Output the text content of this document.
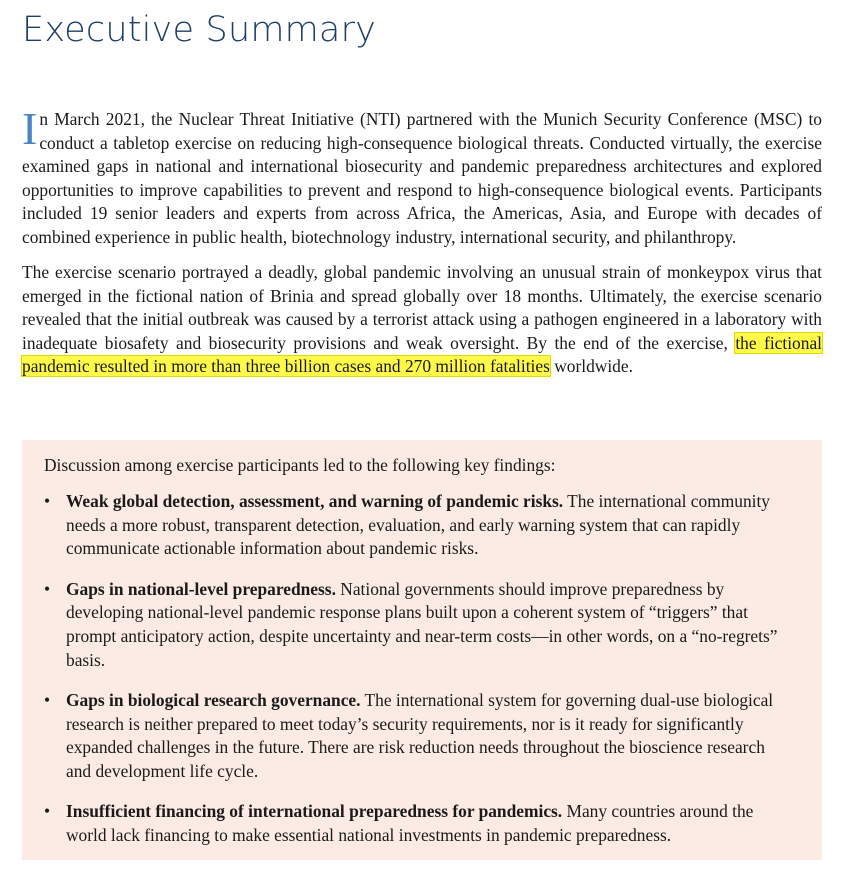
Executive Summary

In March 2021, the Nuclear Threat Initiative (NTI) partnered with the Munich Security Conference (MSC) to conduct a tabletop exercise on reducing high-consequence biological threats. Conducted virtually, the exercise examined gaps in national and international biosecurity and pandemic preparedness architectures and explored opportunities to improve capabilities to prevent and respond to high-consequence biological events. Participants included 19 senior leaders and experts from across Africa, the Americas, Asia, and Europe with decades of combined experience in public health, biotechnology industry, international security, and philanthropy.

The exercise scenario portrayed a deadly, global pandemic involving an unusual strain of monkeypox virus that emerged in the fictional nation of Brinia and spread globally over 18 months. Ultimately, the exercise scenario revealed that the initial outbreak was caused by a terrorist attack using a pathogen engineered in a laboratory with inadequate biosafety and biosecurity provisions and weak oversight. By the end of the exercise, the fictional pandemic resulted in more than three billion cases and 270 million fatalities worldwide.

Discussion among exercise participants led to the following key findings:

• Weak global detection, assessment, and warning of pandemic risks. The international community needs a more robust, transparent detection, evaluation, and early warning system that can rapidly communicate actionable information about pandemic risks.
• Gaps in national-level preparedness. National governments should improve preparedness by developing national-level pandemic response plans built upon a coherent system of “triggers” that prompt anticipatory action, despite uncertainty and near-term costs—in other words, on a “no-regrets” basis.
• Gaps in biological research governance. The international system for governing dual-use biological research is neither prepared to meet today’s security requirements, nor is it ready for significantly expanded challenges in the future. There are risk reduction needs throughout the bioscience research and development life cycle.
• Insufficient financing of international preparedness for pandemics. Many countries around the world lack financing to make essential national investments in pandemic preparedness.
